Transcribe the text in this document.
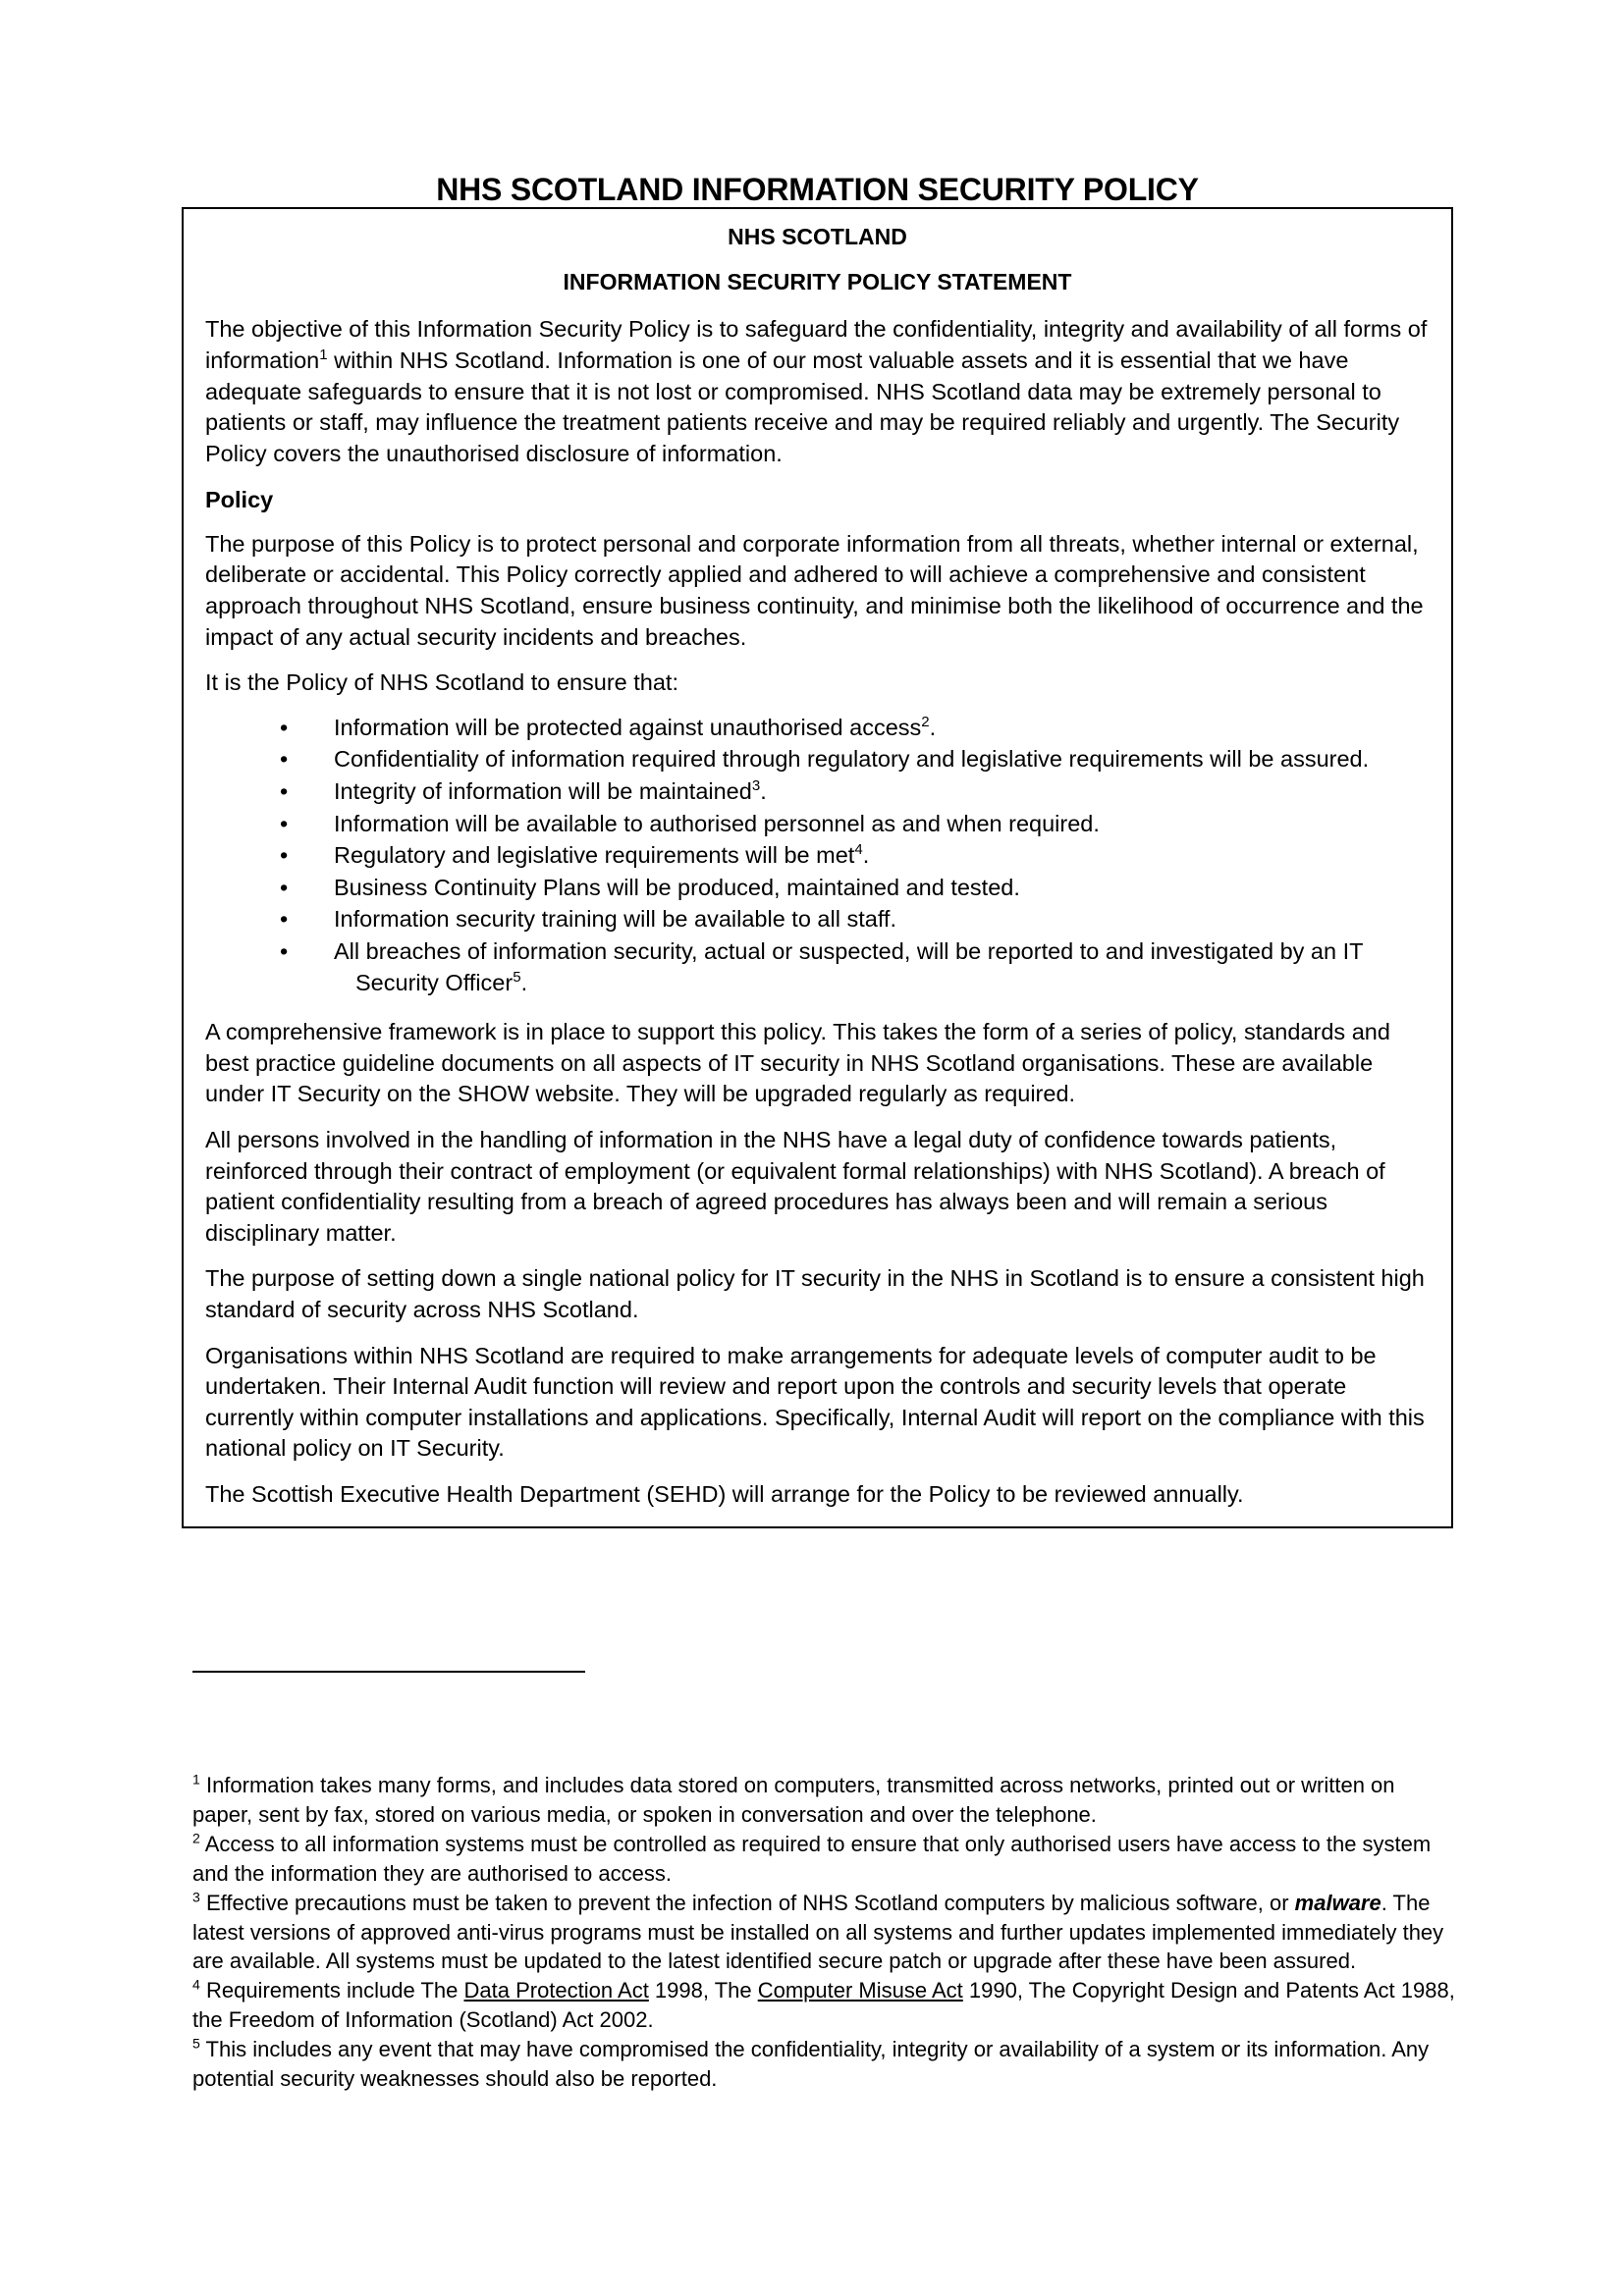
NHS SCOTLAND INFORMATION SECURITY POLICY
NHS SCOTLAND
INFORMATION SECURITY POLICY STATEMENT

The objective of this Information Security Policy is to safeguard the confidentiality, integrity and availability of all forms of information$^1$ within NHS Scotland. Information is one of our most valuable assets and it is essential that we have adequate safeguards to ensure that it is not lost or compromised. NHS Scotland data may be extremely personal to patients or staff, may influence the treatment patients receive and may be required reliably and urgently. The Security Policy covers the unauthorised disclosure of information.

Policy

The purpose of this Policy is to protect personal and corporate information from all threats, whether internal or external, deliberate or accidental. This Policy correctly applied and adhered to will achieve a comprehensive and consistent approach throughout NHS Scotland, ensure business continuity, and minimise both the likelihood of occurrence and the impact of any actual security incidents and breaches.

It is the Policy of NHS Scotland to ensure that:

•	Information will be protected against unauthorised access$^2$.
•	Confidentiality of information required through regulatory and legislative requirements will be assured.
•	Integrity of information will be maintained$^3$.
•	Information will be available to authorised personnel as and when required.
•	Regulatory and legislative requirements will be met$^4$.
•	Business Continuity Plans will be produced, maintained and tested.
•	Information security training will be available to all staff.
•	All breaches of information security, actual or suspected, will be reported to and investigated by an IT Security Officer$^5$.

A comprehensive framework is in place to support this policy. This takes the form of a series of policy, standards and best practice guideline documents on all aspects of IT security in NHS Scotland organisations. These are available under IT Security on the SHOW website. They will be upgraded regularly as required.

All persons involved in the handling of information in the NHS have a legal duty of confidence towards patients, reinforced through their contract of employment (or equivalent formal relationships) with NHS Scotland). A breach of patient confidentiality resulting from a breach of agreed procedures has always been and will remain a serious disciplinary matter.

The purpose of setting down a single national policy for IT security in the NHS in Scotland is to ensure a consistent high standard of security across NHS Scotland.

Organisations within NHS Scotland are required to make arrangements for adequate levels of computer audit to be undertaken. Their Internal Audit function will review and report upon the controls and security levels that operate currently within computer installations and applications. Specifically, Internal Audit will report on the compliance with this national policy on IT Security.

The Scottish Executive Health Department (SEHD) will arrange for the Policy to be reviewed annually.

$^1$ Information takes many forms, and includes data stored on computers, transmitted across networks, printed out or written on paper, sent by fax, stored on various media, or spoken in conversation and over the telephone.

$^2$ Access to all information systems must be controlled as required to ensure that only authorised users have access to the system and the information they are authorised to access.

$^3$ Effective precautions must be taken to prevent the infection of NHS Scotland computers by malicious software, or malware. The latest versions of approved anti-virus programs must be installed on all systems and further updates implemented immediately they are available. All systems must be updated to the latest identified secure patch or upgrade after these have been assured.

$^4$ Requirements include The Data Protection Act 1998, The Computer Misuse Act 1990, The Copyright Design and Patents Act 1988, the Freedom of Information (Scotland) Act 2002.

$^5$ This includes any event that may have compromised the confidentiality, integrity or availability of a system or its information. Any potential security weaknesses should also be reported.
